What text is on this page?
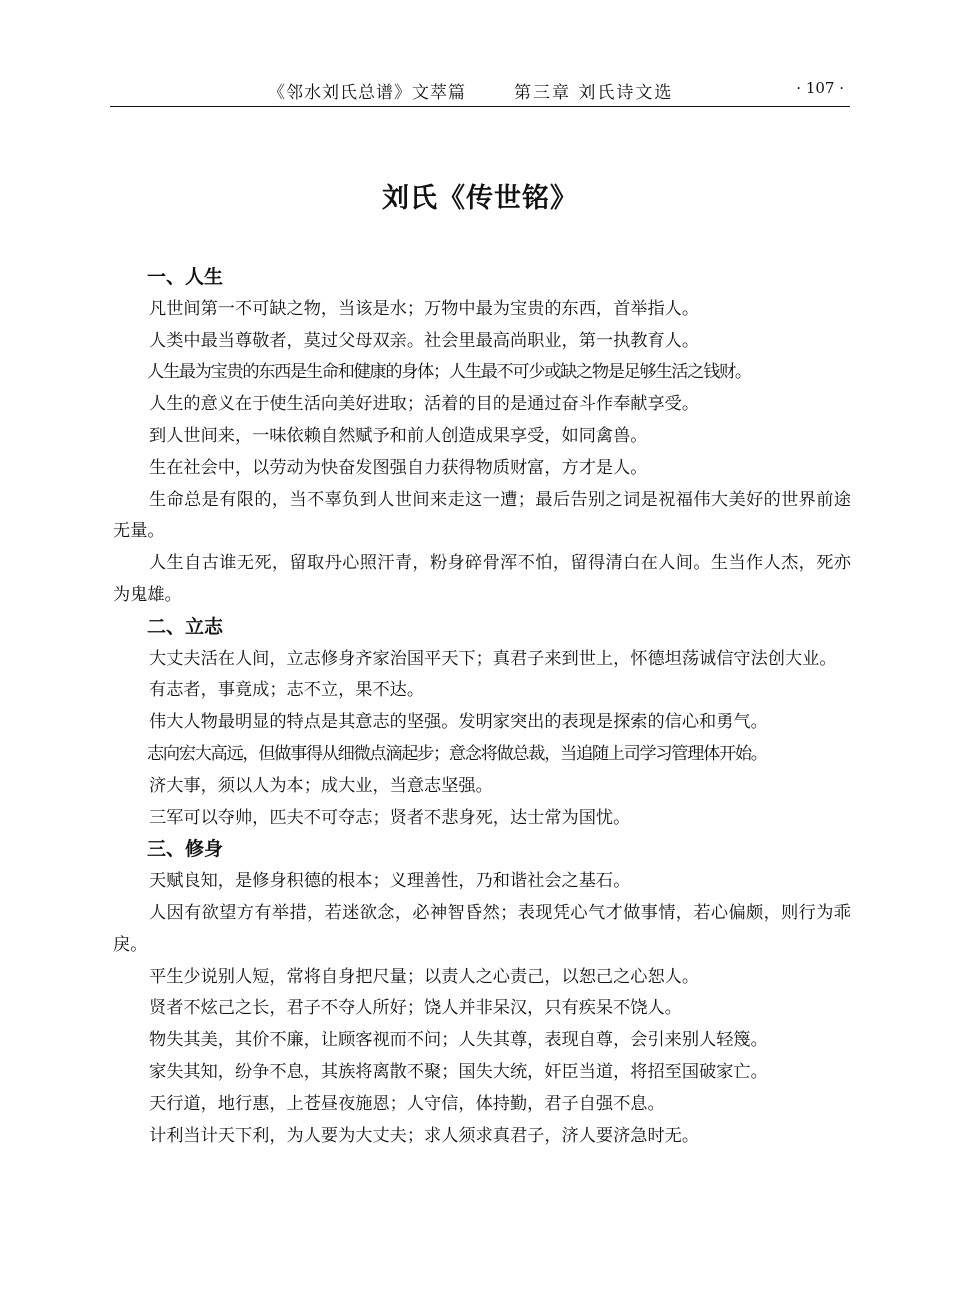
《邻水刘氏总谱》文萃篇	第三章 刘氏诗文选	· 107 ·
刘氏《传世铭》
一、人生

凡世间第一不可缺之物，当该是水；万物中最为宝贵的东西，首举指人。

人类中最当尊敬者，莫过父母双亲。社会里最高尚职业，第一执教育人。

人生最为宝贵的东西是生命和健康的身体；人生最不可少或缺之物是足够生活之钱财。

人生的意义在于使生活向美好进取；活着的目的是通过奋斗作奉献享受。

到人世间来，一味依赖自然赋予和前人创造成果享受，如同禽兽。

生在社会中，以劳动为快奋发图强自力获得物质财富，方才是人。

生命总是有限的，当不辜负到人世间来走这一遭；最后告别之词是祝福伟大美好的世界前途无量。

人生自古谁无死，留取丹心照汗青，粉身碎骨浑不怕，留得清白在人间。生当作人杰，死亦为鬼雄。

二、立志

大丈夫活在人间，立志修身齐家治国平天下；真君子来到世上，怀德坦荡诚信守法创大业。

有志者，事竟成；志不立，果不达。

伟大人物最明显的特点是其意志的坚强。发明家突出的表现是探索的信心和勇气。

志向宏大高远，但做事得从细微点滴起步；意念将做总裁，当追随上司学习管理体开始。

济大事，须以人为本；成大业，当意志坚强。

三军可以夺帅，匹夫不可夺志；贤者不悲身死，达士常为国忧。

三、修身

天赋良知，是修身积德的根本；义理善性，乃和谐社会之基石。

人因有欲望方有举措，若迷欲念，必神智昏然；表现凭心气才做事情，若心偏颇，则行为乖戾。

平生少说别人短，常将自身把尺量；以责人之心责己，以恕己之心恕人。

贤者不炫己之长，君子不夺人所好；饶人并非呆汉，只有疾呆不饶人。

物失其美，其价不廉，让顾客视而不问；人失其尊，表现自尊，会引来别人轻篾。

家失其知，纷争不息，其族将离散不聚；国失大统，奸臣当道，将招至国破家亡。

天行道，地行惠，上苍昼夜施恩；人守信，体持勤，君子自强不息。

计利当计天下利，为人要为大丈夫；求人须求真君子，济人要济急时无。
